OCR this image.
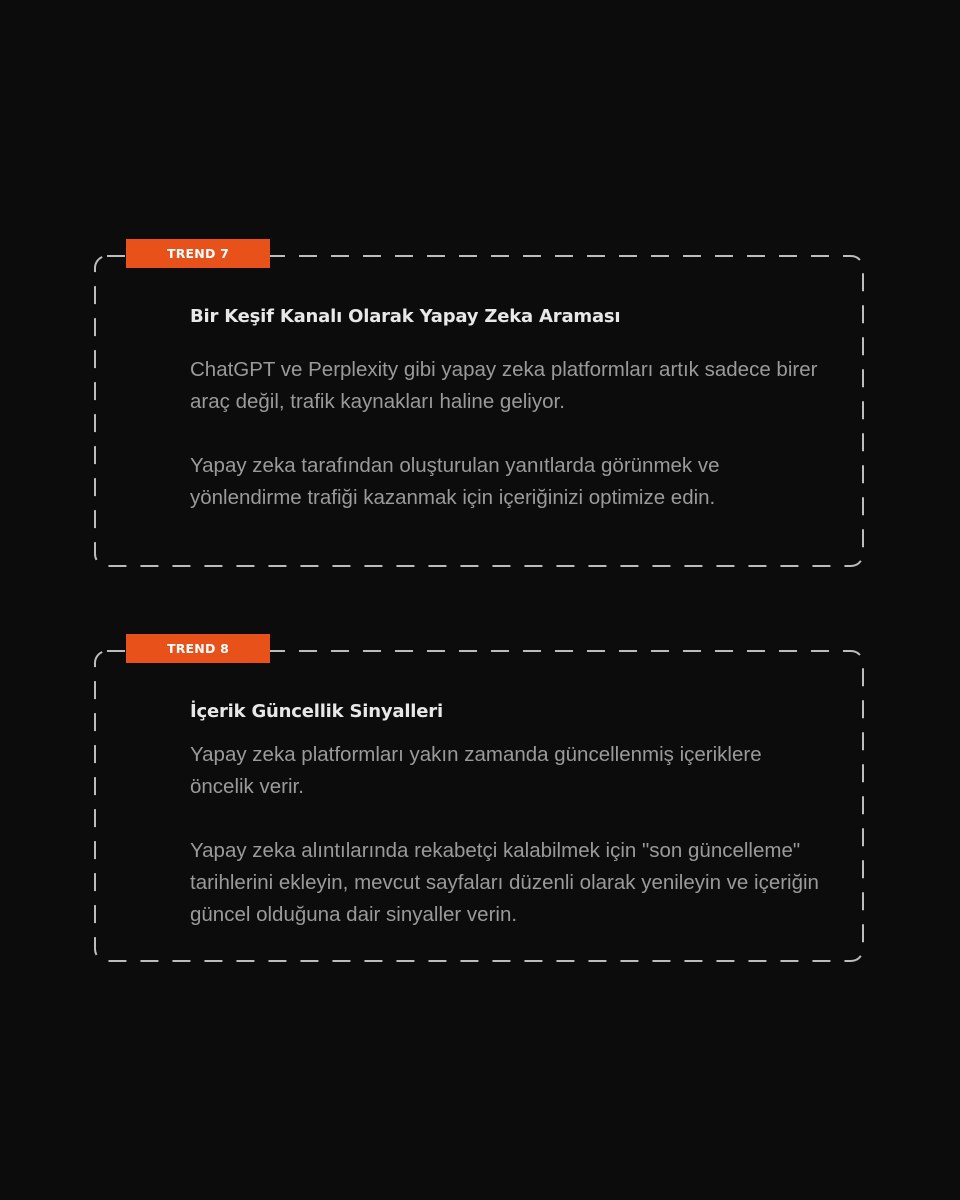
TREND 7
Bir Keşif Kanalı Olarak Yapay Zeka Araması

ChatGPT ve Perplexity gibi yapay zeka platformları artık sadece birer araç değil, trafik kaynakları haline geliyor.

Yapay zeka tarafından oluşturulan yanıtlarda görünmek ve yönlendirme trafiği kazanmak için içeriğinizi optimize edin.

TREND 8
İçerik Güncellik Sinyalleri

Yapay zeka platformları yakın zamanda güncellenmiş içeriklere öncelik verir.

Yapay zeka alıntılarında rekabetçi kalabilmek için "son güncelleme" tarihlerini ekleyin, mevcut sayfaları düzenli olarak yenileyin ve içeriğin güncel olduğuna dair sinyaller verin.
